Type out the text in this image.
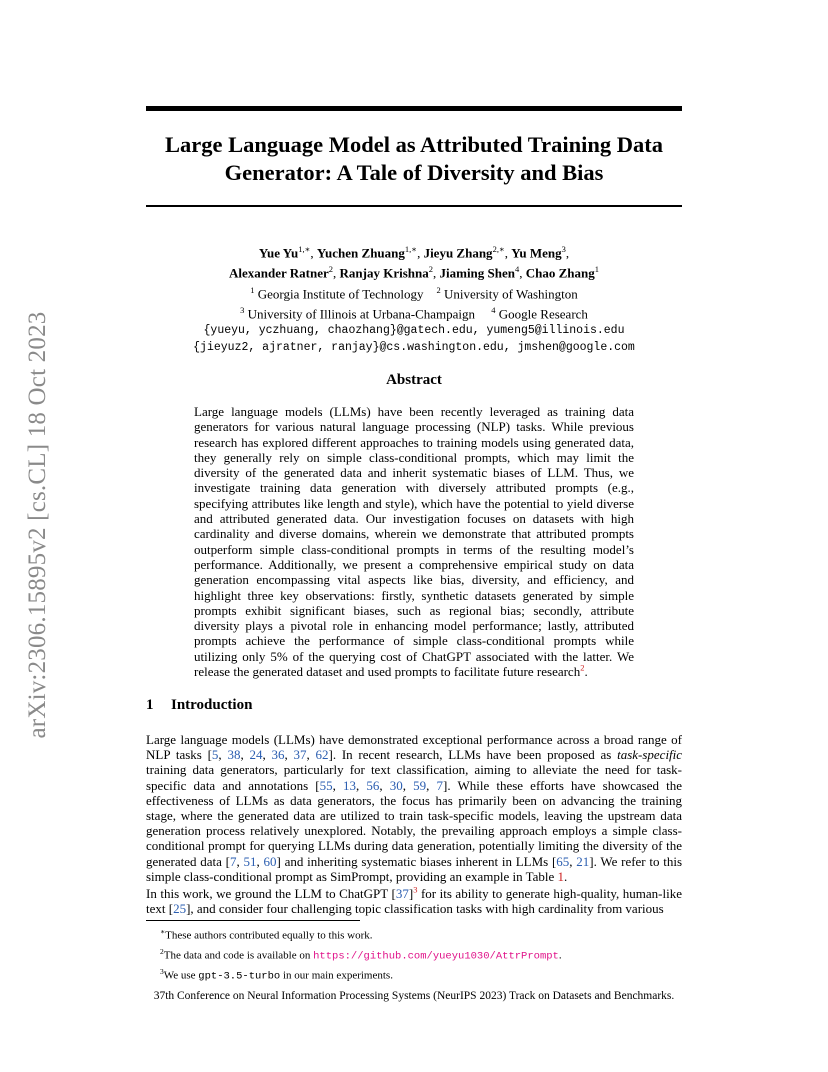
arXiv:2306.15895v2 [cs.CL] 18 Oct 2023
Large Language Model as Attributed Training Data Generator: A Tale of Diversity and Bias
Yue $Yu^{1,∗}$, Yuchen Zhuang$^{1,∗}$, Jieyu Zhang$^{2,∗}$, Yu Meng$^3$,
Alexander Ratner$^2$, Ranjay Krishna$^2$, Jiaming Shen$^4$, Chao Zhang$^1$
$^1$ Georgia Institute of Technology $^2$ University of Washington
$^3$ University of Illinois at Urbana-Champaign $^4$ Google Research
{yueyu, yczhuang, chaozhang}@gatech.edu, yumeng5@illinois.edu
{jieyuz2, ajratner, ranjay}@cs.washington.edu, jmshen@google.com
Abstract
Large language models (LLMs) have been recently leveraged as training data generators for various natural language processing (NLP) tasks. While previous research has explored different approaches to training models using generated data, they generally rely on simple class-conditional prompts, which may limit the diversity of the generated data and inherit systematic biases of LLM. Thus, we investigate training data generation with diversely attributed prompts (e.g., specifying attributes like length and style), which have the potential to yield diverse and attributed generated data. Our investigation focuses on datasets with high cardinality and diverse domains, wherein we demonstrate that attributed prompts outperform simple class-conditional prompts in terms of the resulting model’s performance. Additionally, we present a comprehensive empirical study on data generation encompassing vital aspects like bias, diversity, and efficiency, and highlight three key observations: firstly, synthetic datasets generated by simple prompts exhibit significant biases, such as regional bias; secondly, attribute diversity plays a pivotal role in enhancing model performance; lastly, attributed prompts achieve the performance of simple class-conditional prompts while utilizing only 5% of the querying cost of ChatGPT associated with the latter. We release the generated dataset and used prompts to facilitate future research$^2$.
1 Introduction
Large language models (LLMs) have demonstrated exceptional performance across a broad range of NLP tasks [5, 38, 24, 36, 37, 62]. In recent research, LLMs have been proposed as task-specific training data generators, particularly for text classification, aiming to alleviate the need for task-specific data and annotations [55, 13, 56, 30, 59, 7]. While these efforts have showcased the effectiveness of LLMs as data generators, the focus has primarily been on advancing the training stage, where the generated data are utilized to train task-specific models, leaving the upstream data generation process relatively unexplored. Notably, the prevailing approach employs a simple class-conditional prompt for querying LLMs during data generation, potentially limiting the diversity of the generated data [7, 51, 60] and inheriting systematic biases inherent in LLMs [65, 21]. We refer to this simple class-conditional prompt as SimPrompt, providing an example in Table 1.
In this work, we ground the LLM to ChatGPT $[37]^3$ for its ability to generate high-quality, human-like text [25], and consider four challenging topic classification tasks with high cardinality from various
∗These authors contributed equally to this work.
$^2$The data and code is available on https://github.com/yueyu1030/AttrPrompt.
$^3$We use gpt-3.5-turbo in our main experiments.
37th Conference on Neural Information Processing Systems (NeurIPS 2023) Track on Datasets and Benchmarks.
